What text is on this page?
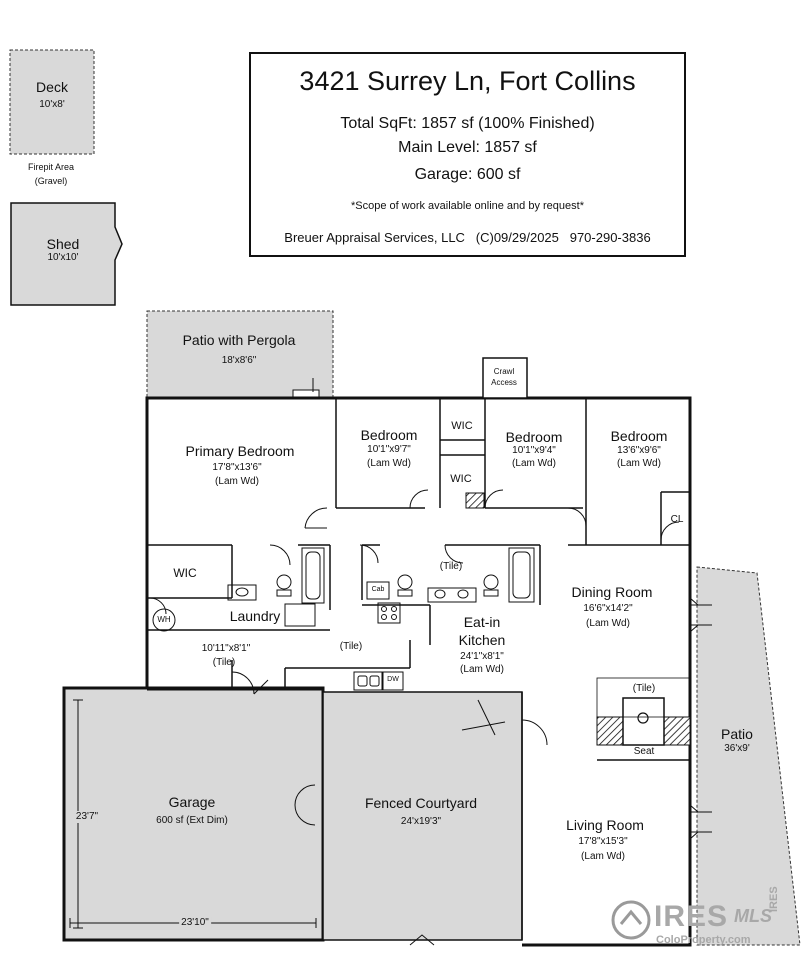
3421 Surrey Ln, Fort Collins
Total SqFt: 1857 sf (100% Finished)
Main Level: 1857 sf
Garage: 600 sf
*Scope of work available online and by request*
Breuer Appraisal Services, LLC   (C)09/29/2025   970-290-3836
Deck
10'x8'
Firepit Area
(Gravel)
Shed
10'x10'
Patio with Pergola
18'x8'6"
Crawl
Access
Primary Bedroom
17'8"x13'6"
(Lam Wd)
Bedroom
10'1"x9'7"
(Lam Wd)
WIC
WIC
Bedroom
10'1"x9'4"
(Lam Wd)
Bedroom
13'6"x9'6"
(Lam Wd)
CL
WIC
WH	Laundry
10'11"x8'1"
(Tile)
(Tile)
(Tile)
Cab
DW
Eat-in
Kitchen
24'1"x8'1"
(Lam Wd)
Dining Room
16'6"x14'2"
(Lam Wd)
(Tile)
Seat
Patio
36'x9'
Garage
600 sf (Ext Dim)
23'7"
23'10"
Fenced Courtyard
24'x19'3"	Living Room
17'8"x15'3"
(Lam Wd)
IRES MLS
ColoProperty.com
IRES
